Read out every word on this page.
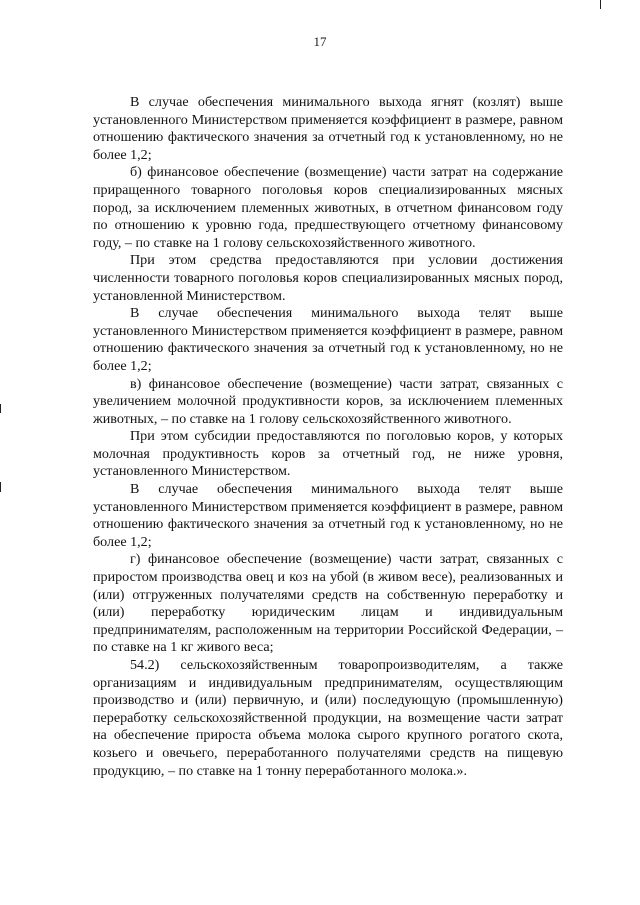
17

В случае обеспечения минимального выхода ягнят (козлят) выше установленного Министерством применяется коэффициент в размере, равном отношению фактического значения за отчетный год к установленному, но не более 1,2;

б) финансовое обеспечение (возмещение) части затрат на содержание приращенного товарного поголовья коров специализированных мясных пород, за исключением племенных животных, в отчетном финансовом году по отношению к уровню года, предшествующего отчетному финансовому году, – по ставке на 1 голову сельскохозяйственного животного.

При этом средства предоставляются при условии достижения численности товарного поголовья коров специализированных мясных пород, установленной Министерством.

В случае обеспечения минимального выхода телят выше установленного Министерством применяется коэффициент в размере, равном отношению фактического значения за отчетный год к установленному, но не более 1,2;

в) финансовое обеспечение (возмещение) части затрат, связанных с увеличением молочной продуктивности коров, за исключением племенных животных, – по ставке на 1 голову сельскохозяйственного животного.

При этом субсидии предоставляются по поголовью коров, у которых молочная продуктивность коров за отчетный год, не ниже уровня, установленного Министерством.

В случае обеспечения минимального выхода телят выше установленного Министерством применяется коэффициент в размере, равном отношению фактического значения за отчетный год к установленному, но не более 1,2;

г) финансовое обеспечение (возмещение) части затрат, связанных с приростом производства овец и коз на убой (в живом весе), реализованных и (или) отгруженных получателями средств на собственную переработку и (или) переработку юридическим лицам и индивидуальным предпринимателям, расположенным на территории Российской Федерации, – по ставке на 1 кг живого веса;

54.2) сельскохозяйственным товаропроизводителям, а также организациям и индивидуальным предпринимателям, осуществляющим производство и (или) первичную, и (или) последующую (промышленную) переработку сельскохозяйственной продукции, на возмещение части затрат на обеспечение прироста объема молока сырого крупного рогатого скота, козьего и овечьего, переработанного получателями средств на пищевую продукцию, – по ставке на 1 тонну переработанного молока.».
